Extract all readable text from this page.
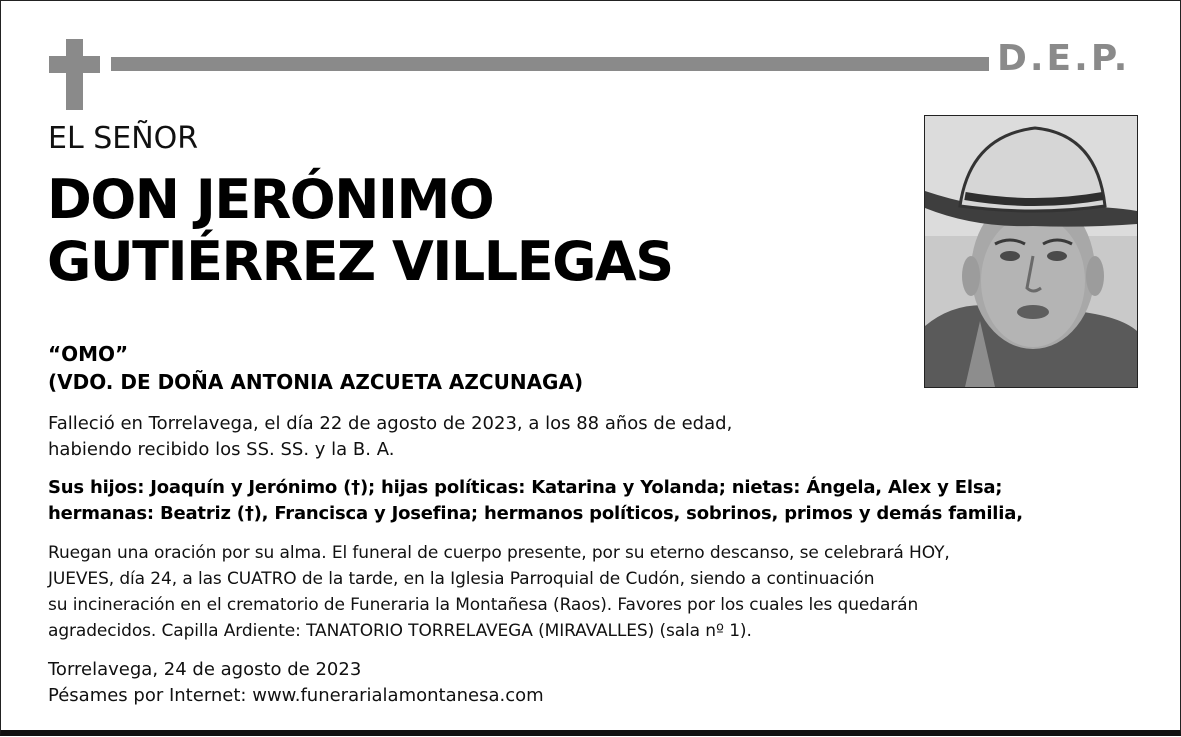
D.E.P.
EL SEÑOR
DON JERÓNIMO
GUTIÉRREZ VILLEGAS
“OMO”
(VDO. DE DOÑA ANTONIA AZCUETA AZCUNAGA)
Falleció en Torrelavega, el día 22 de agosto de 2023, a los 88 años de edad,
habiendo recibido los SS. SS. y la B. A.
Sus hijos: Joaquín y Jerónimo (†); hijas políticas: Katarina y Yolanda; nietas: Ángela, Alex y Elsa;
hermanas: Beatriz (†), Francisca y Josefina; hermanos políticos, sobrinos, primos y demás familia,
Ruegan una oración por su alma. El funeral de cuerpo presente, por su eterno descanso, se celebrará HOY,
JUEVES, día 24, a las CUATRO de la tarde, en la Iglesia Parroquial de Cudón, siendo a continuación
su incineración en el crematorio de Funeraria la Montañesa (Raos). Favores por los cuales les quedarán
agradecidos. Capilla Ardiente: TANATORIO TORRELAVEGA (MIRAVALLES) (sala nº 1).
Torrelavega, 24 de agosto de 2023
Pésames por Internet: www.funerarialamontanesa.com
